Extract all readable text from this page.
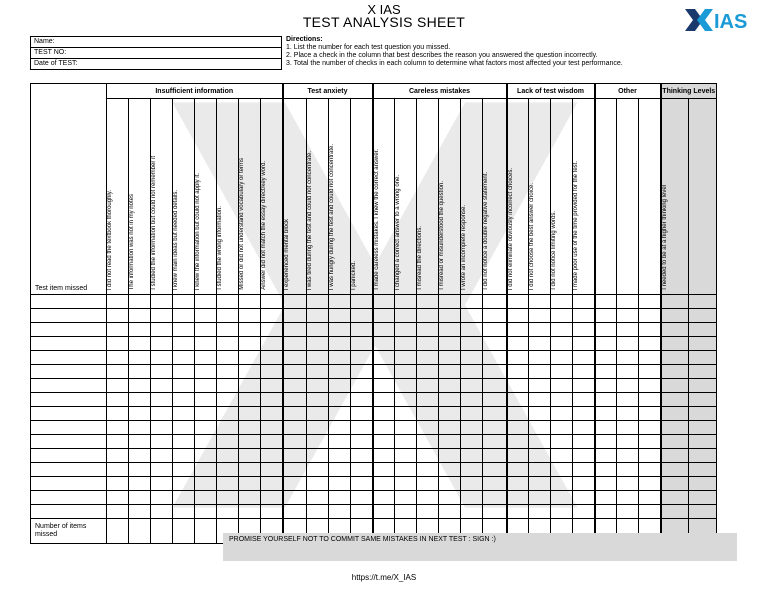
X IAS
TEST ANALYSIS SHEET	IAS
Name:
TEST NO:
Date of TEST:
Directions:
1. List the number for each test question you missed.
2. Place a check in the column that best describes the reason you answered the question incorrectly.
3. Total the number of checks in each column to determine what factors most affected your test performance.
Test item missed	Insufficient information								Test anxiety				Careless mistakes						Lack of test wisdom				Other			Thinking Levels	
	I did not read the textbook thoroughly.	The information was not in my notes	I studied the information but could not remember it	I knew main ideas but needed details.	I knew the information but could not apply it.	I studied the wrong information.	Missed or did not understand vocabulary or terms	Answer did not match the essay direct/key word.	I experienced mental block	I was tired during the test and could not concentrate.	I was hungry during the test and could not concentrate.	I panicked.	I made careless mistakes. I knew the correct answer.	I changed a correct answer to a wrong one.	I misread the directions.	I misread or misunderstood the question.	I wrote an incomplete response.	I did not notice a double negative statement.	I did not eliminate obviously incorrect choices.	I did not choose the best answer choice.	I did not notice limiting words.	I made poor use of the time provided for the test.				I needed to be at a higher thinking level	

Number of items missed																											
PROMISE YOURSELF NOT TO COMMIT SAME MISTAKES IN NEXT TEST : SIGN :)
https://t.me/X_IAS
